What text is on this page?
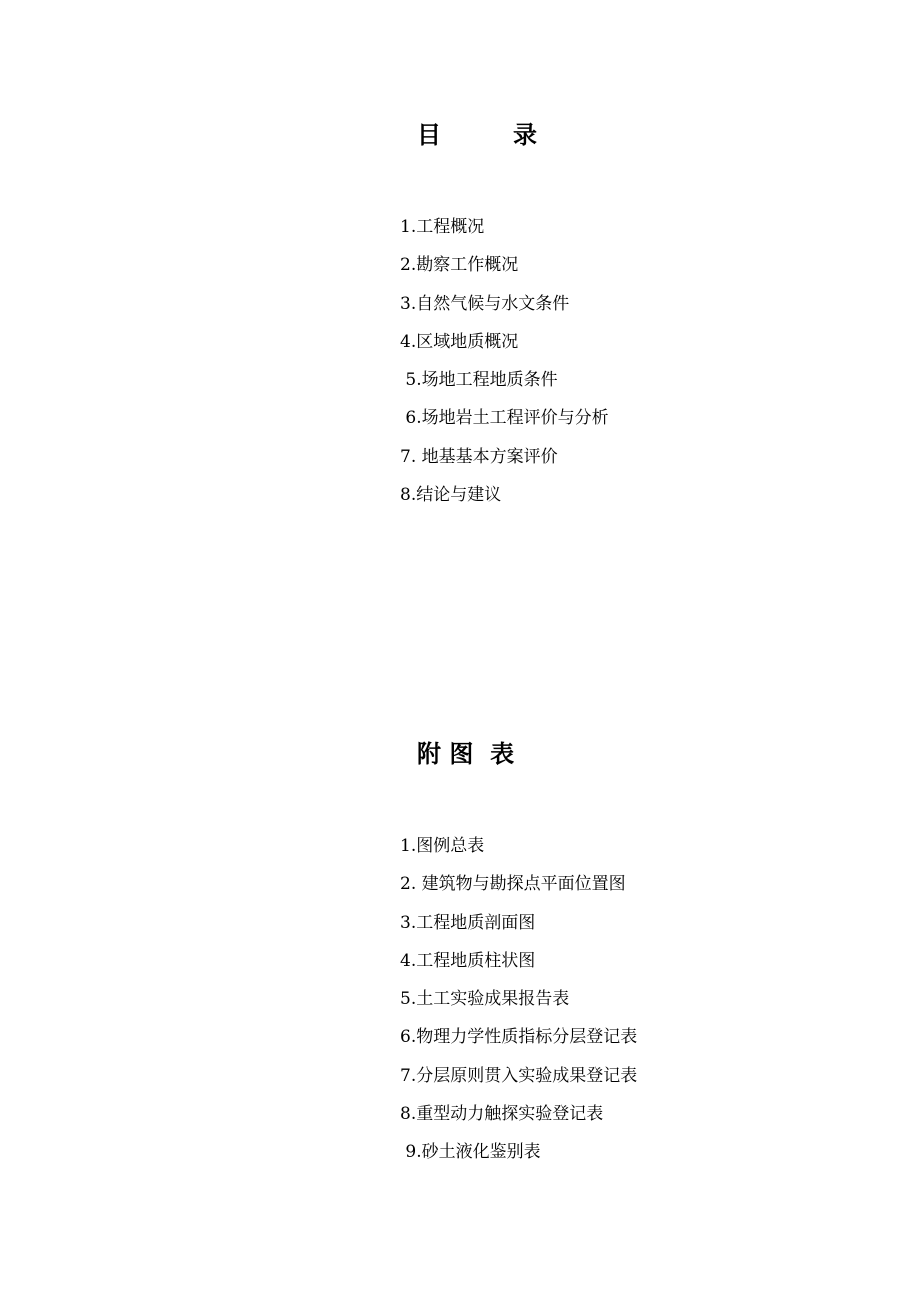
目　　　录
1.工程概况
2.勘察工作概况
3.自然气候与水文条件
4.区域地质概况
5.场地工程地质条件
6.场地岩土工程评价与分析
7. 地基基本方案评价
8.结论与建议
附 图  表
1.图例总表
2. 建筑物与勘探点平面位置图
3.工程地质剖面图
4.工程地质柱状图
5.土工实验成果报告表
6.物理力学性质指标分层登记表
7.分层原则贯入实验成果登记表
8.重型动力触探实验登记表
9.砂土液化鉴别表
